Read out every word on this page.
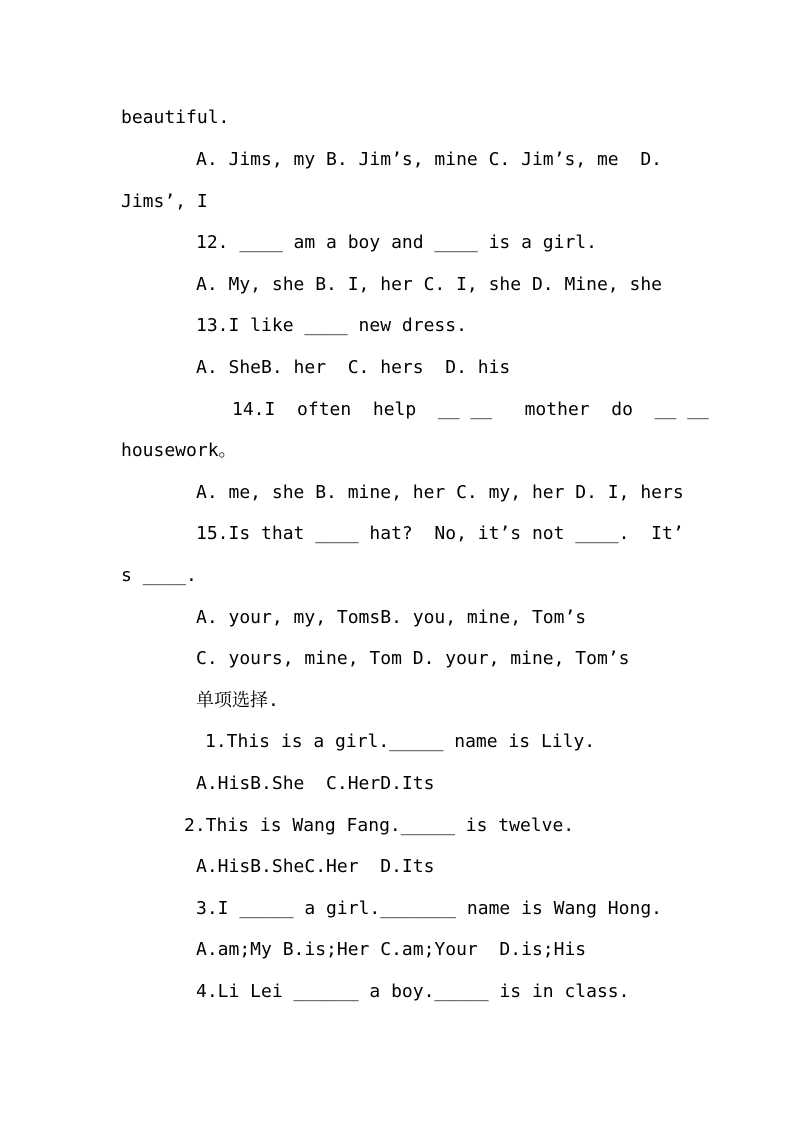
beautiful.

A. Jims, my B. Jim’s, mine C. Jim’s, me  D.

Jims’, I

12. ____ am a boy and ____ is a girl.

A. My, she B. I, her C. I, she D. Mine, she

13.I like ____ new dress.

A. SheB. her  C. hers  D. his

14.I  often  help  __ __   mother  do  __ __

housework。

A. me, she B. mine, her C. my, her D. I, hers

15.Is that ____ hat?  No, it’s not ____.  It’

s ____.

A. your, my, TomsB. you, mine, Tom’s

C. yours, mine, Tom D. your, mine, Tom’s

单项选择.

1.This is a girl._____ name is Lily.

A.HisB.She  C.HerD.Its

2.This is Wang Fang._____ is twelve.

A.HisB.SheC.Her  D.Its

3.I _____ a girl._______ name is Wang Hong.

A.am;My B.is;Her C.am;Your  D.is;His

4.Li Lei ______ a boy._____ is in class.
